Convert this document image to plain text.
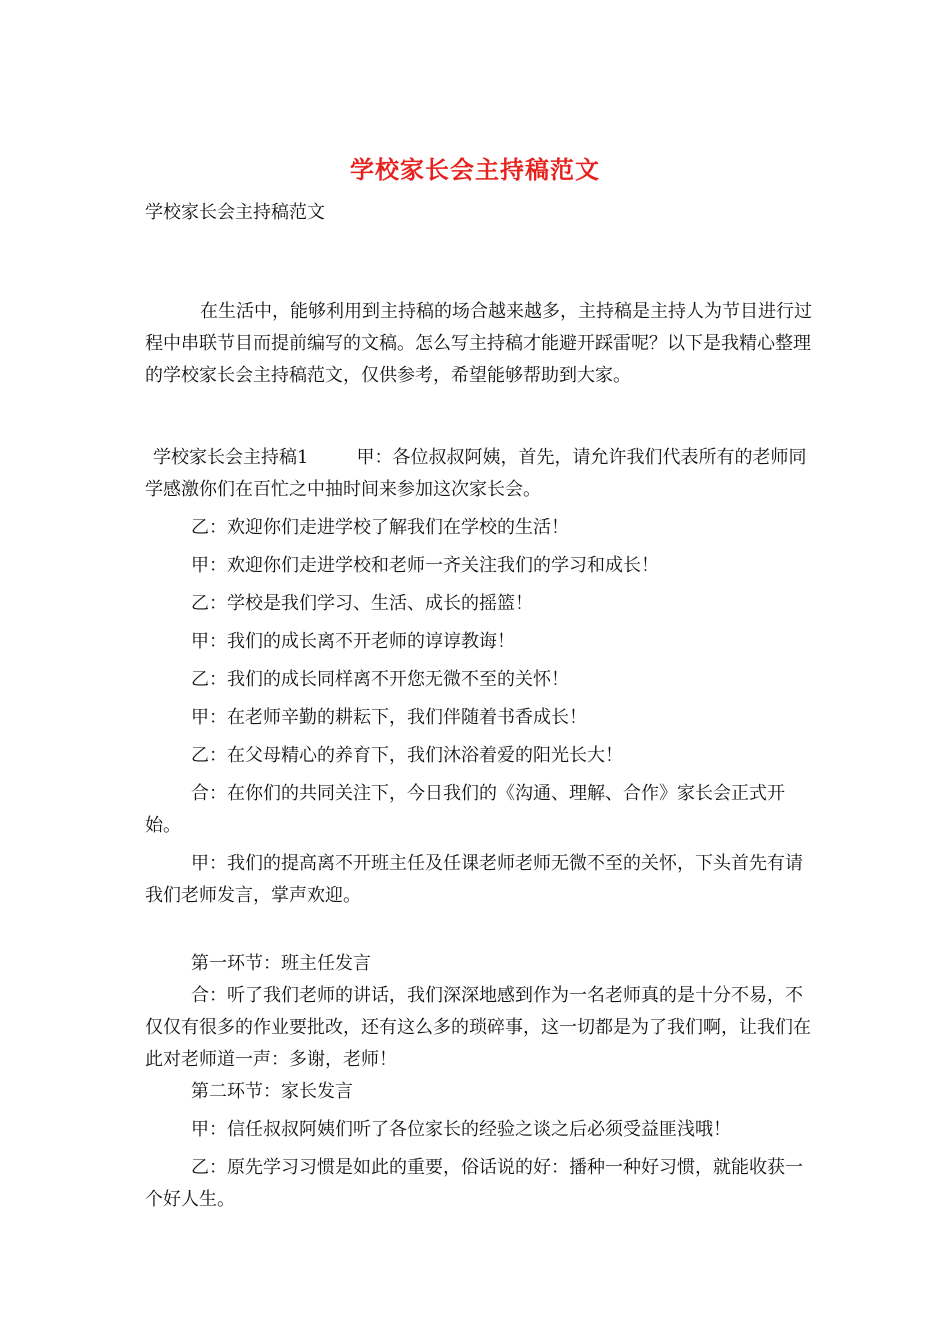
学校家长会主持稿范文
学校家长会主持稿范文
在生活中，能够利用到主持稿的场合越来越多，主持稿是主持人为节目进行过程中串联节目而提前编写的文稿。怎么写主持稿才能避开踩雷呢？以下是我精心整理的学校家长会主持稿范文，仅供参考，希望能够帮助到大家。

学校家长会主持稿1	甲：各位叔叔阿姨，首先，请允许我们代表所有的老师同学感激你们在百忙之中抽时间来参加这次家长会。

乙：欢迎你们走进学校了解我们在学校的生活！

甲：欢迎你们走进学校和老师一齐关注我们的学习和成长！

乙：学校是我们学习、生活、成长的摇篮！

甲：我们的成长离不开老师的谆谆教诲！

乙：我们的成长同样离不开您无微不至的关怀！

甲：在老师辛勤的耕耘下，我们伴随着书香成长！

乙：在父母精心的养育下，我们沐浴着爱的阳光长大！

合：在你们的共同关注下，今日我们的《沟通、理解、合作》家长会正式开始。

甲：我们的提高离不开班主任及任课老师老师无微不至的关怀，下头首先有请我们老师发言，掌声欢迎。

第一环节：班主任发言

合：听了我们老师的讲话，我们深深地感到作为一名老师真的是十分不易，不仅仅有很多的作业要批改，还有这么多的琐碎事，这一切都是为了我们啊，让我们在此对老师道一声：多谢，老师！

第二环节：家长发言

甲：信任叔叔阿姨们听了各位家长的经验之谈之后必须受益匪浅哦！

乙：原先学习习惯是如此的重要，俗话说的好：播种一种好习惯，就能收获一个好人生。
